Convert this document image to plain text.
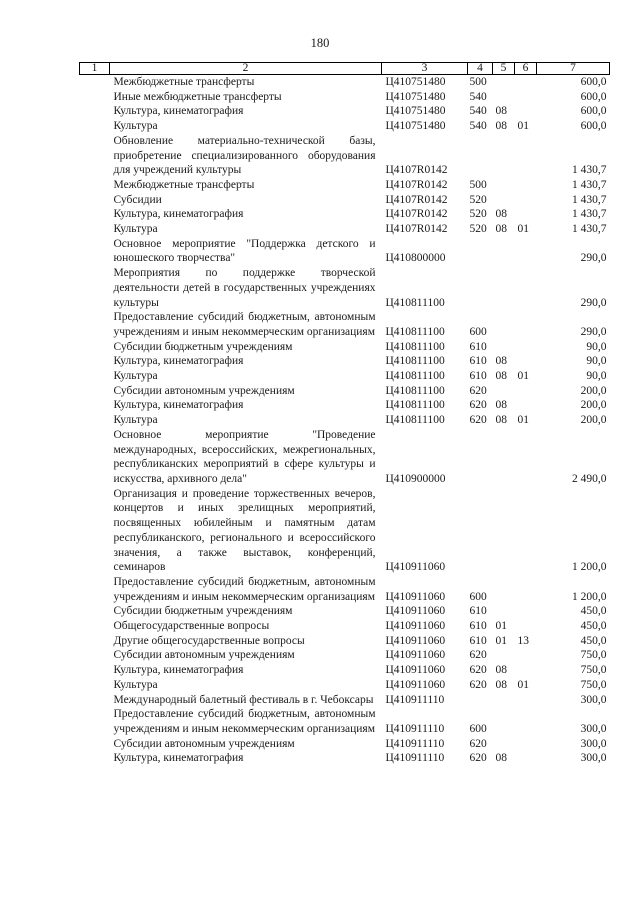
180
1	2	3	4	5	6	7
	Межбюджетные трансферты	Ц410751480	500			600,0
	Иные межбюджетные трансферты	Ц410751480	540			600,0
	Культура, кинематография	Ц410751480	540	08		600,0
	Культура	Ц410751480	540	08	01	600,0
	Обновление материально-технической базы, приобретение специализированного оборудования для учреждений культуры	Ц4107R0142				1 430,7
	Межбюджетные трансферты	Ц4107R0142	500			1 430,7
	Субсидии	Ц4107R0142	520			1 430,7
	Культура, кинематография	Ц4107R0142	520	08		1 430,7
	Культура	Ц4107R0142	520	08	01	1 430,7
	Основное мероприятие "Поддержка детского и юношеского творчества"	Ц410800000				290,0
	Мероприятия по поддержке творческой деятельности детей в государственных учреждениях культуры	Ц410811100				290,0
	Предоставление субсидий бюджетным, автономным учреждениям и иным некоммерческим организациям	Ц410811100	600			290,0
	Субсидии бюджетным учреждениям	Ц410811100	610			90,0
	Культура, кинематография	Ц410811100	610	08		90,0
	Культура	Ц410811100	610	08	01	90,0
	Субсидии автономным учреждениям	Ц410811100	620			200,0
	Культура, кинематография	Ц410811100	620	08		200,0
	Культура	Ц410811100	620	08	01	200,0
	Основное мероприятие "Проведение международных, всероссийских, межрегиональных, республиканских мероприятий в сфере культуры и искусства, архивного дела"	Ц410900000				2 490,0
	Организация и проведение торжественных вечеров, концертов и иных зрелищных мероприятий, посвященных юбилейным и памятным датам республиканского, регионального и всероссийского значения, а также выставок, конференций, семинаров	Ц410911060				1 200,0
	Предоставление субсидий бюджетным, автономным учреждениям и иным некоммерческим организациям	Ц410911060	600			1 200,0
	Субсидии бюджетным учреждениям	Ц410911060	610			450,0
	Общегосударственные вопросы	Ц410911060	610	01		450,0
	Другие общегосударственные вопросы	Ц410911060	610	01	13	450,0
	Субсидии автономным учреждениям	Ц410911060	620			750,0
	Культура, кинематография	Ц410911060	620	08		750,0
	Культура	Ц410911060	620	08	01	750,0
	Международный балетный фестиваль в г. Чебоксары	Ц410911110				300,0
	Предоставление субсидий бюджетным, автономным учреждениям и иным некоммерческим организациям	Ц410911110	600			300,0
	Субсидии автономным учреждениям	Ц410911110	620			300,0
	Культура, кинематография	Ц410911110	620	08		300,0
